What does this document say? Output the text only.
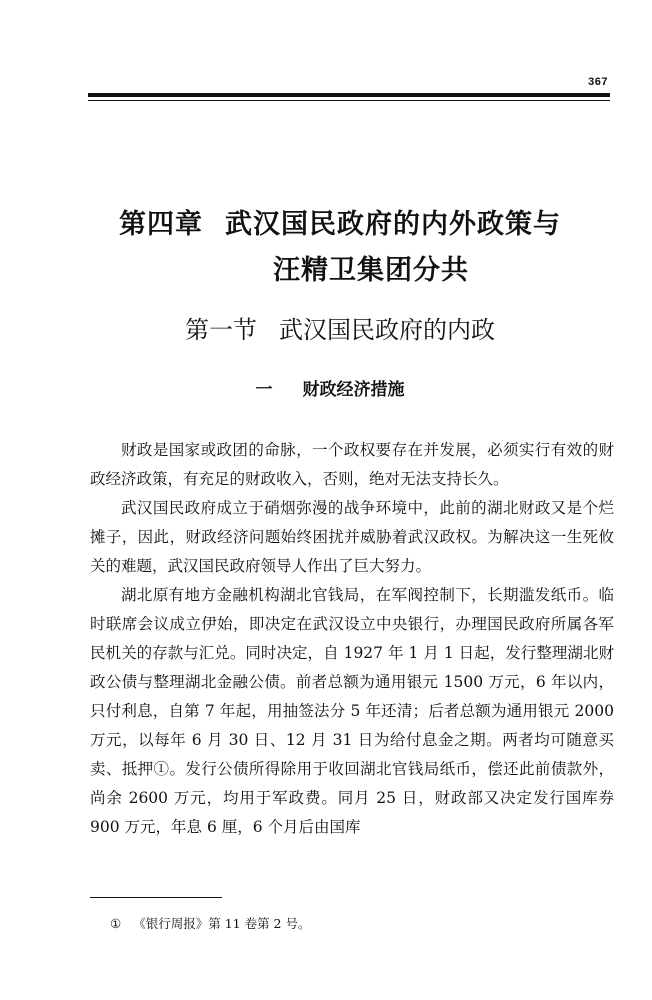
367
第四章 武汉国民政府的内外政策与
汪精卫集团分共
第一节 武汉国民政府的内政
一 财政经济措施

财政是国家或政团的命脉，一个政权要存在并发展，必须实行有效的财政经济政策，有充足的财政收入，否则，绝对无法支持长久。

武汉国民政府成立于硝烟弥漫的战争环境中，此前的湖北财政又是个烂摊子，因此，财政经济问题始终困扰并威胁着武汉政权。为解决这一生死攸关的难题，武汉国民政府领导人作出了巨大努力。

湖北原有地方金融机构湖北官钱局，在军阀控制下，长期滥发纸币。临时联席会议成立伊始，即决定在武汉设立中央银行，办理国民政府所属各军民机关的存款与汇兑。同时决定，自 1927 年 1 月 1 日起，发行整理湖北财政公债与整理湖北金融公债。前者总额为通用银元 1500 万元，6 年以内，只付利息，自第 7 年起，用抽签法分 5 年还清；后者总额为通用银元 2000 万元，以每年 6 月 30 日、12 月 31 日为给付息金之期。两者均可随意买卖、抵押①。发行公债所得除用于收回湖北官钱局纸币，偿还此前债款外，尚余 2600 万元，均用于军政费。同月 25 日，财政部又决定发行国库券 900 万元，年息 6 厘，6 个月后由国库

① 《银行周报》第 11 卷第 2 号。
